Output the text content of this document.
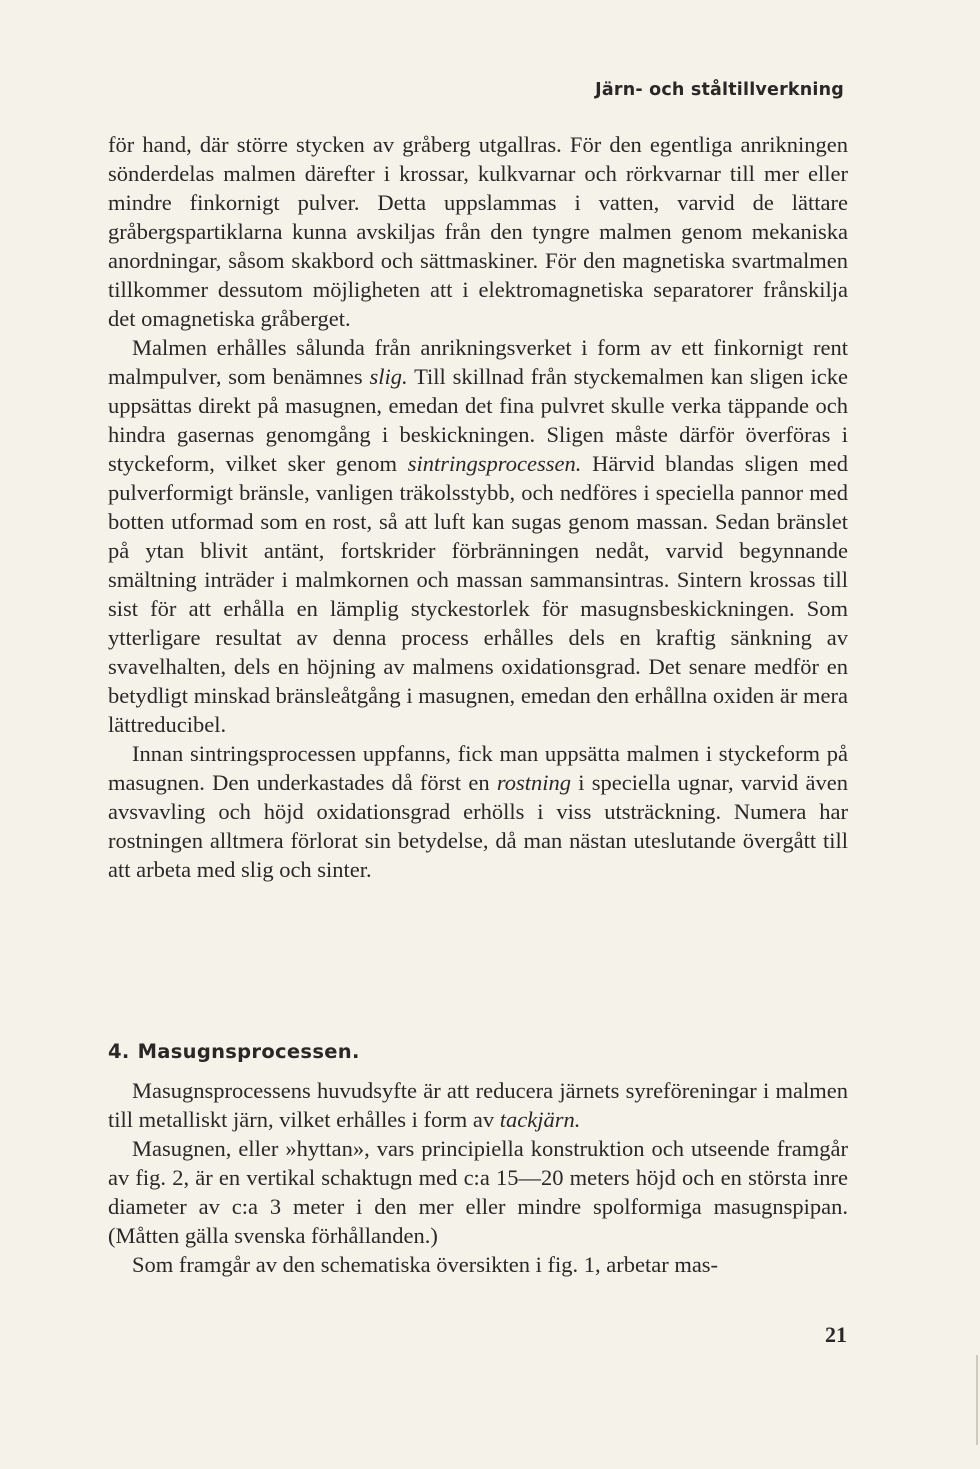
Järn- och ståltillverkning

för hand, där större stycken av gråberg utgallras. För den egentliga anrikningen sönderdelas malmen därefter i krossar, kulkvarnar och rörkvarnar till mer eller mindre finkornigt pulver. Detta uppslammas i vatten, varvid de lättare gråbergspartiklarna kunna avskiljas från den tyngre malmen genom mekaniska anordningar, såsom skakbord och sättmaskiner. För den magnetiska svartmalmen tillkommer dessutom möjligheten att i elektromagnetiska separatorer frånskilja det omagnetiska gråberget.

Malmen erhålles sålunda från anrikningsverket i form av ett finkornigt rent malmpulver, som benämnes slig. Till skillnad från styckemalmen kan sligen icke uppsättas direkt på masugnen, emedan det fina pulvret skulle verka täppande och hindra gasernas genomgång i beskickningen. Sligen måste därför överföras i styckeform, vilket sker genom sintringsprocessen. Härvid blandas sligen med pulverformigt bränsle, vanligen träkolsstybb, och nedföres i speciella pannor med botten utformad som en rost, så att luft kan sugas genom massan. Sedan bränslet på ytan blivit antänt, fortskrider förbränningen nedåt, varvid begynnande smältning inträder i malmkornen och massan sammansintras. Sintern krossas till sist för att erhålla en lämplig styckestorlek för masugnsbeskickningen. Som ytterligare resultat av denna process erhålles dels en kraftig sänkning av svavelhalten, dels en höjning av malmens oxidationsgrad. Det senare medför en betydligt minskad bränsleåtgång i masugnen, emedan den erhållna oxiden är mera lättreducibel.

Innan sintringsprocessen uppfanns, fick man uppsätta malmen i styckeform på masugnen. Den underkastades då först en rostning i speciella ugnar, varvid även avsvavling och höjd oxidationsgrad erhölls i viss utsträckning. Numera har rostningen alltmera förlorat sin betydelse, då man nästan uteslutande övergått till att arbeta med slig och sinter.

4. Masugnsprocessen.

Masugnsprocessens huvudsyfte är att reducera järnets syreföreningar i malmen till metalliskt järn, vilket erhålles i form av tackjärn.

Masugnen, eller »hyttan», vars principiella konstruktion och utseende framgår av fig. 2, är en vertikal schaktugn med c:a 15—20 meters höjd och en största inre diameter av c:a 3 meter i den mer eller mindre spolformiga masugnspipan. (Måtten gälla svenska förhållanden.)

Som framgår av den schematiska översikten i fig. 1, arbetar mas-

21
